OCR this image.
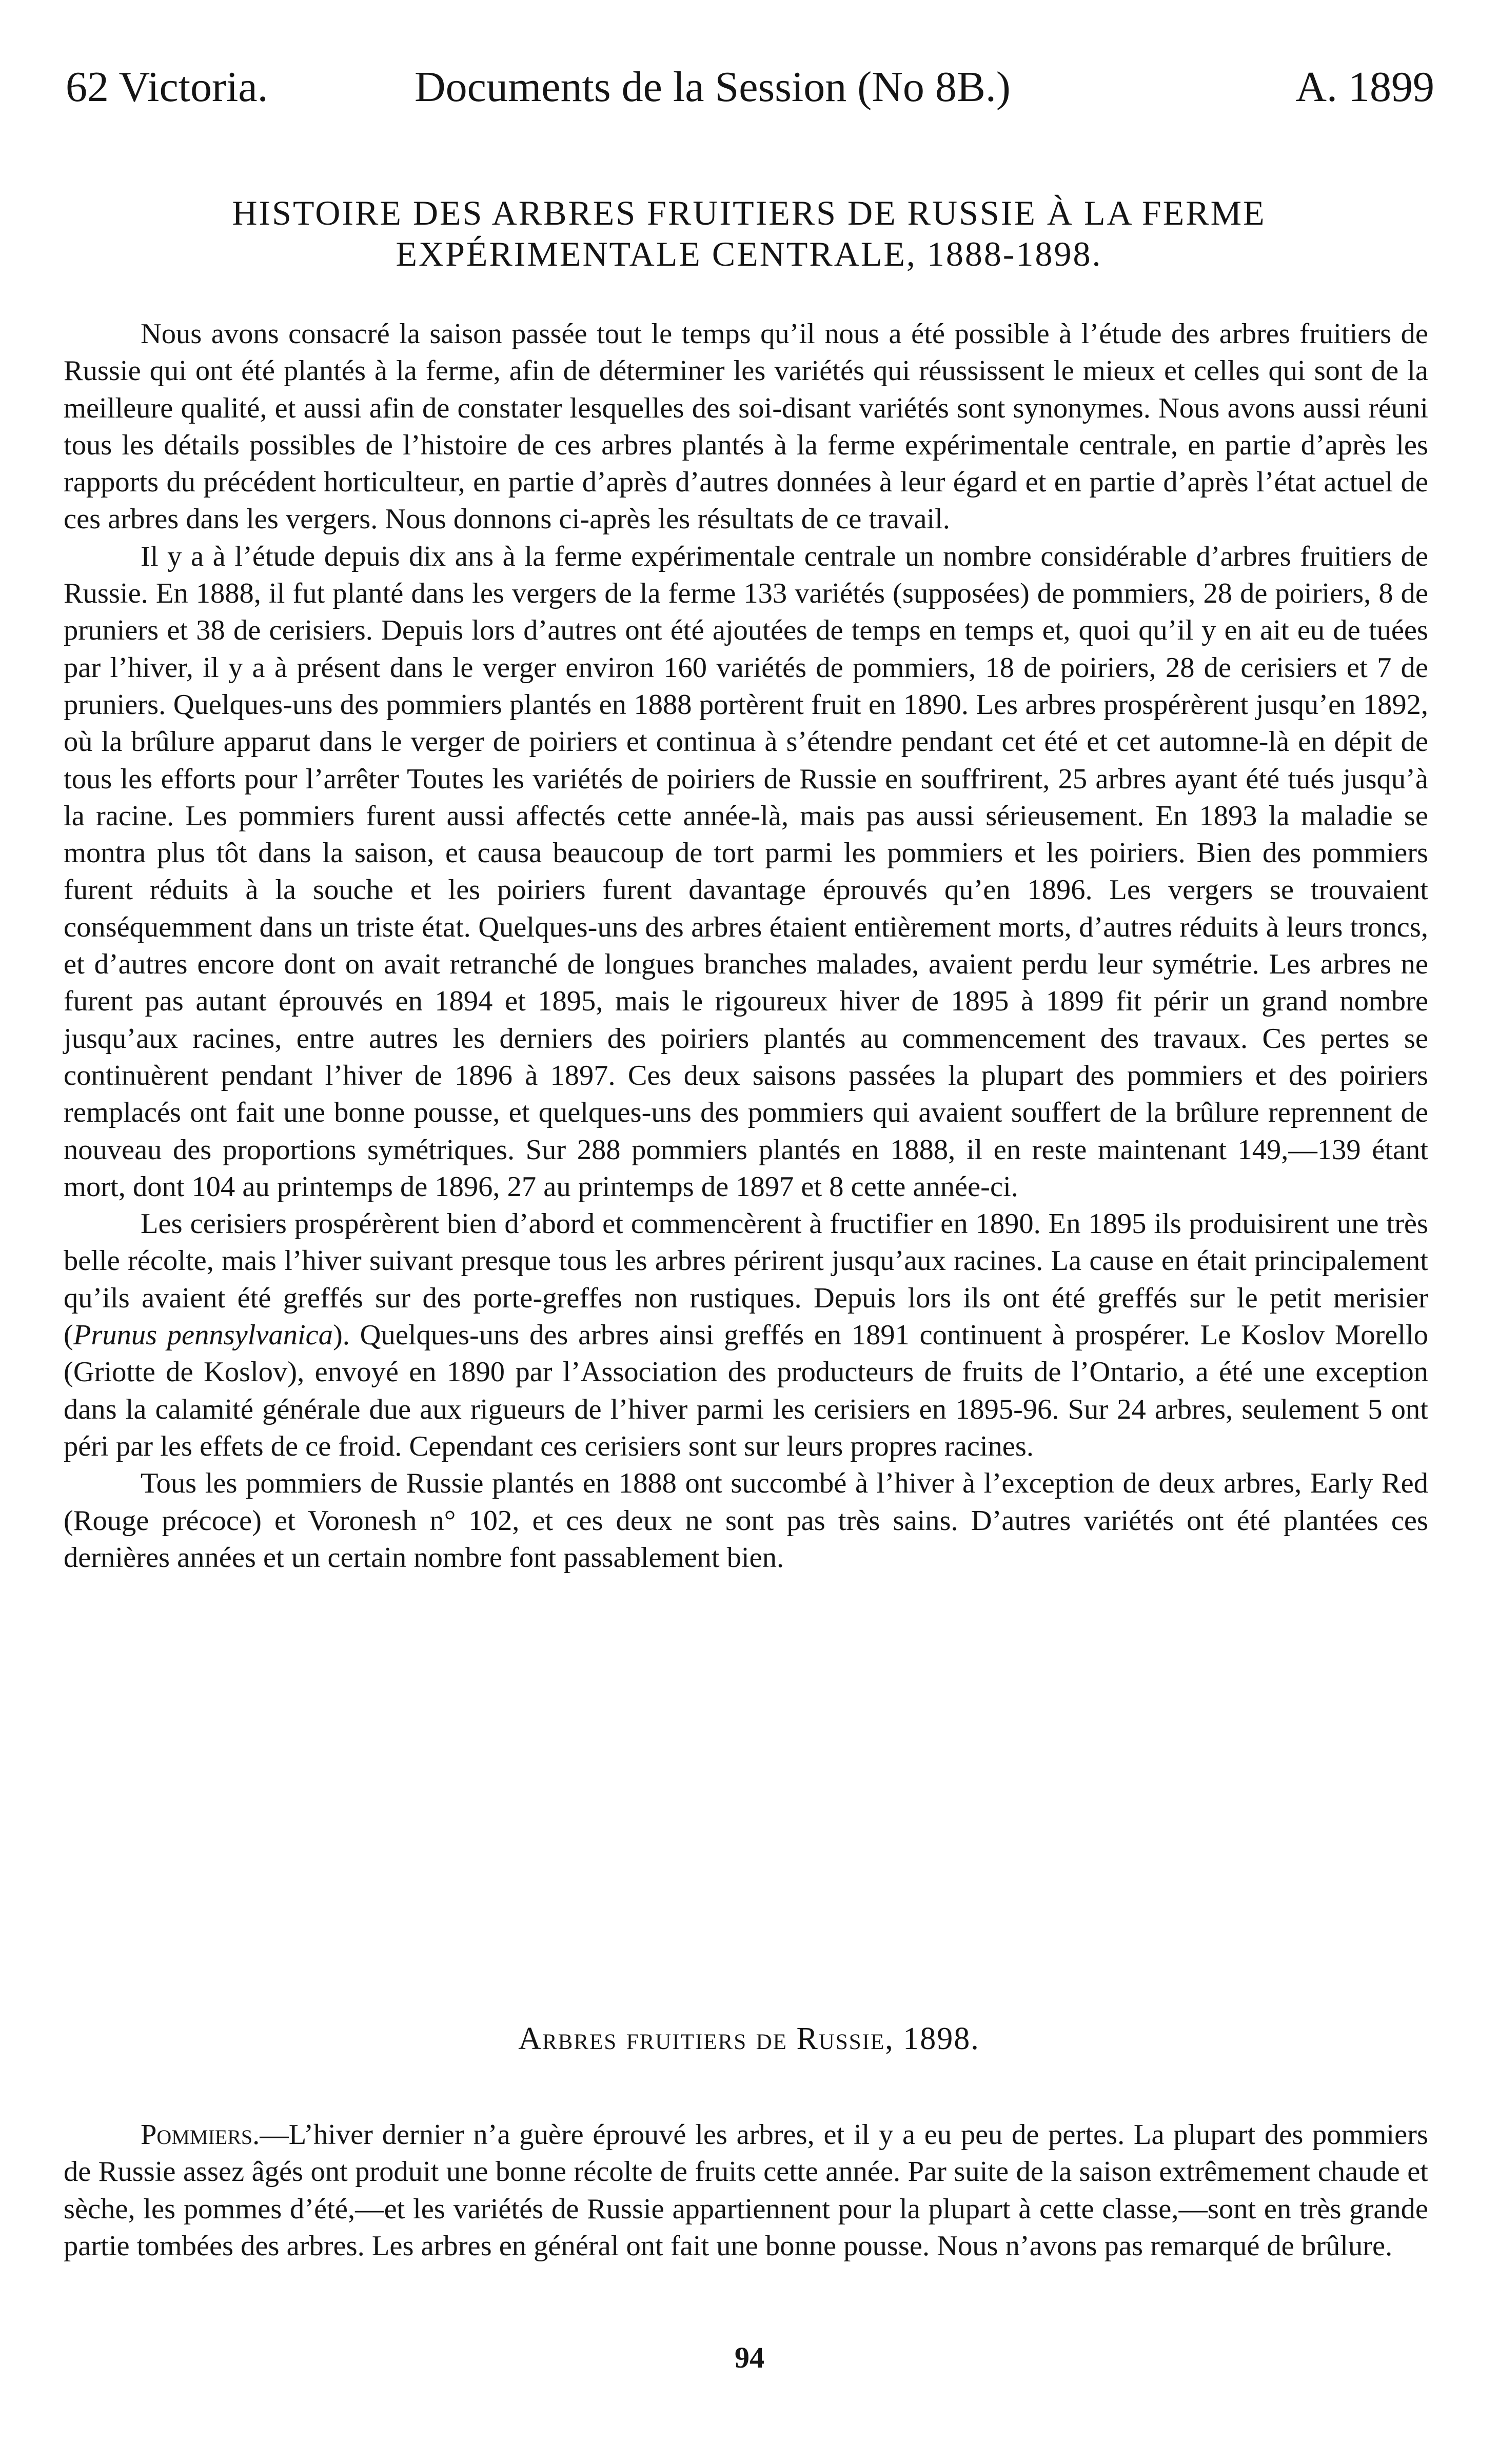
62 Victoria.	Documents de la Session (No 8B.)	A. 1899
HISTOIRE DES ARBRES FRUITIERS DE RUSSIE À LA FERME
EXPÉRIMENTALE CENTRALE, 1888-1898.

Nous avons consacré la saison passée tout le temps qu’il nous a été possible à l’étude des arbres fruitiers de Russie qui ont été plantés à la ferme, afin de déterminer les variétés qui réussissent le mieux et celles qui sont de la meilleure qualité, et aussi afin de constater lesquelles des soi-disant variétés sont synonymes. Nous avons aussi réuni tous les détails possibles de l’histoire de ces arbres plantés à la ferme expérimentale centrale, en partie d’après les rapports du précédent horticulteur, en partie d’après d’autres données à leur égard et en partie d’après l’état actuel de ces arbres dans les vergers. Nous donnons ci-après les résultats de ce travail.

Il y a à l’étude depuis dix ans à la ferme expérimentale centrale un nombre considérable d’arbres fruitiers de Russie. En 1888, il fut planté dans les vergers de la ferme 133 variétés (supposées) de pommiers, 28 de poiriers, 8 de pruniers et 38 de cerisiers. Depuis lors d’autres ont été ajoutées de temps en temps et, quoi qu’il y en ait eu de tuées par l’hiver, il y a à présent dans le verger environ 160 variétés de pommiers, 18 de poiriers, 28 de cerisiers et 7 de pruniers. Quelques-uns des pommiers plantés en 1888 portèrent fruit en 1890. Les arbres prospérèrent jusqu’en 1892, où la brûlure apparut dans le verger de poiriers et continua à s’étendre pendant cet été et cet automne-là en dépit de tous les efforts pour l’arrêter Toutes les variétés de poiriers de Russie en souffrirent, 25 arbres ayant été tués jusqu’à la racine. Les pommiers furent aussi affectés cette année-là, mais pas aussi sérieusement. En 1893 la maladie se montra plus tôt dans la saison, et causa beaucoup de tort parmi les pommiers et les poiriers. Bien des pommiers furent réduits à la souche et les poiriers furent davantage éprouvés qu’en 1896. Les vergers se trouvaient conséquemment dans un triste état. Quelques-uns des arbres étaient entièrement morts, d’autres réduits à leurs troncs, et d’autres encore dont on avait retranché de longues branches malades, avaient perdu leur symétrie. Les arbres ne furent pas autant éprouvés en 1894 et 1895, mais le rigoureux hiver de 1895 à 1899 fit périr un grand nombre jusqu’aux racines, entre autres les derniers des poiriers plantés au commencement des travaux. Ces pertes se continuèrent pendant l’hiver de 1896 à 1897. Ces deux saisons passées la plupart des pommiers et des poiriers remplacés ont fait une bonne pousse, et quelques-uns des pommiers qui avaient souffert de la brûlure reprennent de nouveau des proportions symétriques. Sur 288 pommiers plantés en 1888, il en reste maintenant 149,—139 étant mort, dont 104 au printemps de 1896, 27 au printemps de 1897 et 8 cette année-ci.

Les cerisiers prospérèrent bien d’abord et commencèrent à fructifier en 1890. En 1895 ils produisirent une très belle récolte, mais l’hiver suivant presque tous les arbres périrent jusqu’aux racines. La cause en était principalement qu’ils avaient été greffés sur des porte-greffes non rustiques. Depuis lors ils ont été greffés sur le petit merisier (Prunus pennsylvanica). Quelques-uns des arbres ainsi greffés en 1891 continuent à prospérer. Le Koslov Morello (Griotte de Koslov), envoyé en 1890 par l’Association des producteurs de fruits de l’Ontario, a été une exception dans la calamité générale due aux rigueurs de l’hiver parmi les cerisiers en 1895-96. Sur 24 arbres, seulement 5 ont péri par les effets de ce froid. Cependant ces cerisiers sont sur leurs propres racines.

Tous les pommiers de Russie plantés en 1888 ont succombé à l’hiver à l’exception de deux arbres, Early Red (Rouge précoce) et Voronesh n° 102, et ces deux ne sont pas très sains. D’autres variétés ont été plantées ces dernières années et un certain nombre font passablement bien.

Arbres fruitiers de Russie, 1898.

Pommiers.—L’hiver dernier n’a guère éprouvé les arbres, et il y a eu peu de pertes. La plupart des pommiers de Russie assez âgés ont produit une bonne récolte de fruits cette année. Par suite de la saison extrêmement chaude et sèche, les pommes d’été,—et les variétés de Russie appartiennent pour la plupart à cette classe,—sont en très grande partie tombées des arbres. Les arbres en général ont fait une bonne pousse. Nous n’avons pas remarqué de brûlure.

94
